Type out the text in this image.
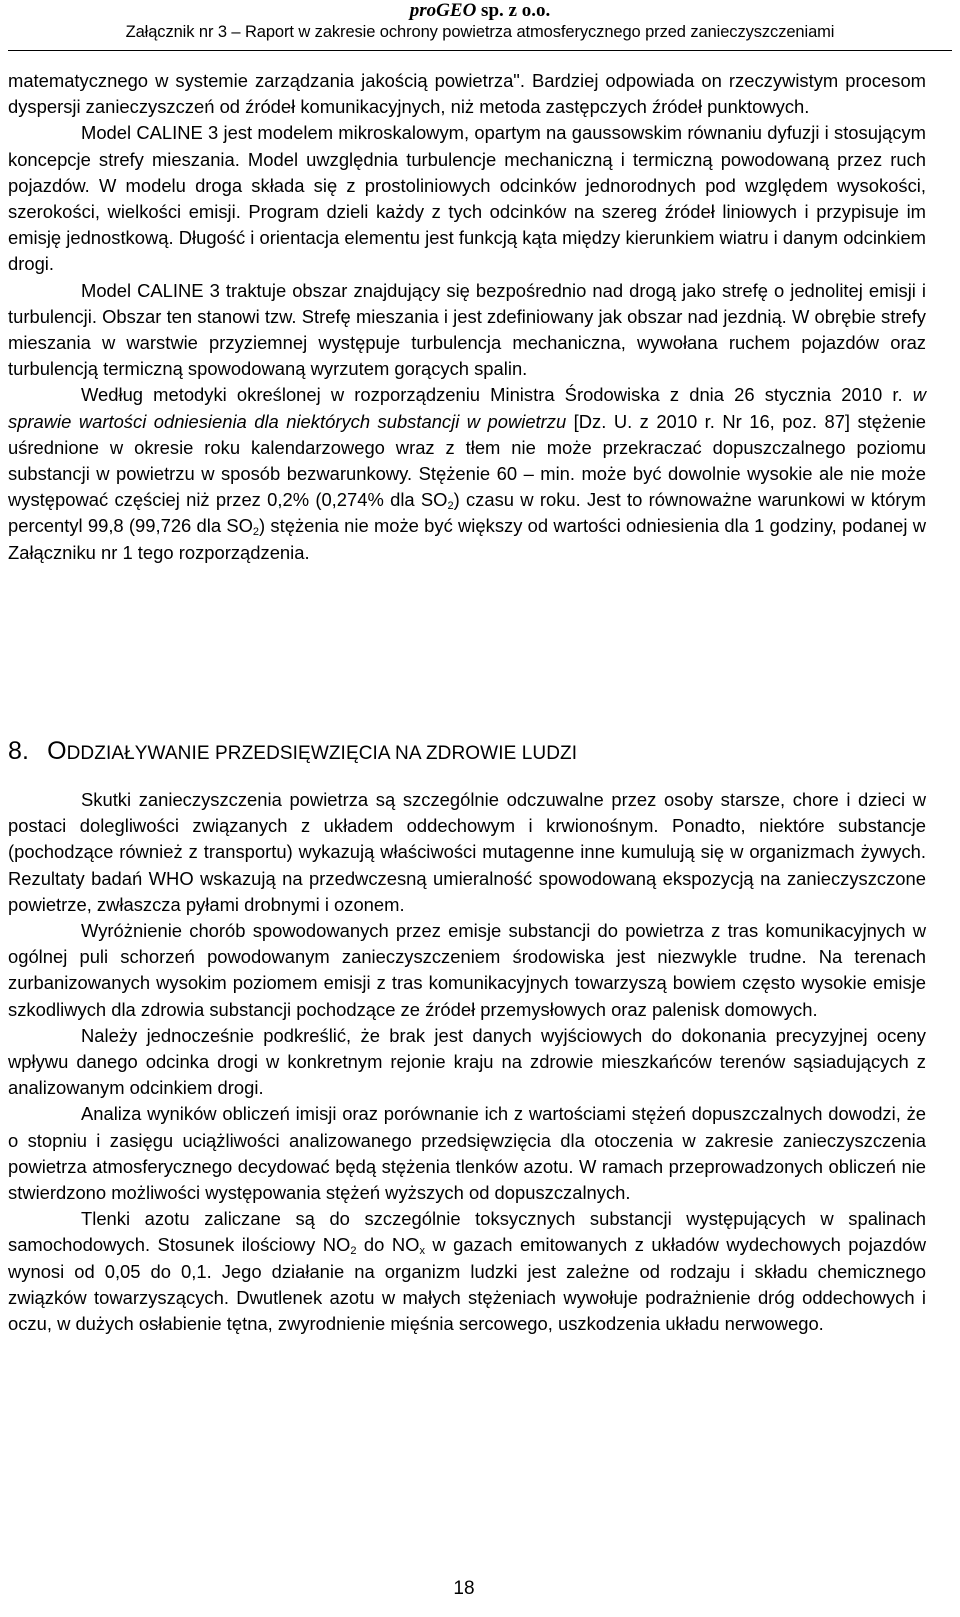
proGEO sp. z o.o.
Załącznik nr 3 – Raport w zakresie ochrony powietrza atmosferycznego przed zanieczyszczeniami

matematycznego w systemie zarządzania jakością powietrza". Bardziej odpowiada on rzeczywistym procesom dyspersji zanieczyszczeń od źródeł komunikacyjnych, niż metoda zastępczych źródeł punktowych.

Model CALINE 3 jest modelem mikroskalowym, opartym na gaussowskim równaniu dyfuzji i stosującym koncepcje strefy mieszania. Model uwzględnia turbulencje mechaniczną i termiczną powodowaną przez ruch pojazdów. W modelu droga składa się z prostoliniowych odcinków jednorodnych pod względem wysokości, szerokości, wielkości emisji. Program dzieli każdy z tych odcinków na szereg źródeł liniowych i przypisuje im emisję jednostkową. Długość i orientacja elementu jest funkcją kąta między kierunkiem wiatru i danym odcinkiem drogi.

Model CALINE 3 traktuje obszar znajdujący się bezpośrednio nad drogą jako strefę o jednolitej emisji i turbulencji. Obszar ten stanowi tzw. Strefę mieszania i jest zdefiniowany jak obszar nad jezdnią. W obrębie strefy mieszania w warstwie przyziemnej występuje turbulencja mechaniczna, wywołana ruchem pojazdów oraz turbulencją termiczną spowodowaną wyrzutem gorących spalin.

Według metodyki określonej w rozporządzeniu Ministra Środowiska z dnia 26 stycznia 2010 r. w sprawie wartości odniesienia dla niektórych substancji w powietrzu [Dz. U. z 2010 r. Nr 16, poz. 87] stężenie uśrednione w okresie roku kalendarzowego wraz z tłem nie może przekraczać dopuszczalnego poziomu substancji w powietrzu w sposób bezwarunkowy. Stężenie 60 – min. może być dowolnie wysokie ale nie może występować częściej niż przez 0,2% (0,274% dla $SO_2$) czasu w roku. Jest to równoważne warunkowi w którym percentyl 99,8 (99,726 dla $SO_2$) stężenia nie może być większy od wartości odniesienia dla 1 godziny, podanej w Załączniku nr 1 tego rozporządzenia.

8. ODDZIAŁYWANIE PRZEDSIĘWZIĘCIA NA ZDROWIE LUDZI

Skutki zanieczyszczenia powietrza są szczególnie odczuwalne przez osoby starsze, chore i dzieci w postaci dolegliwości związanych z układem oddechowym i krwionośnym. Ponadto, niektóre substancje (pochodzące również z transportu) wykazują właściwości mutagenne inne kumulują się w organizmach żywych. Rezultaty badań WHO wskazują na przedwczesną umieralność spowodowaną ekspozycją na zanieczyszczone powietrze, zwłaszcza pyłami drobnymi i ozonem.

Wyróżnienie chorób spowodowanych przez emisje substancji do powietrza z tras komunikacyjnych w ogólnej puli schorzeń powodowanym zanieczyszczeniem środowiska jest niezwykle trudne. Na terenach zurbanizowanych wysokim poziomem emisji z tras komunikacyjnych towarzyszą bowiem często wysokie emisje szkodliwych dla zdrowia substancji pochodzące ze źródeł przemysłowych oraz palenisk domowych.

Należy jednocześnie podkreślić, że brak jest danych wyjściowych do dokonania precyzyjnej oceny wpływu danego odcinka drogi w konkretnym rejonie kraju na zdrowie mieszkańców terenów sąsiadujących z analizowanym odcinkiem drogi.

Analiza wyników obliczeń imisji oraz porównanie ich z wartościami stężeń dopuszczalnych dowodzi, że o stopniu i zasięgu uciążliwości analizowanego przedsięwzięcia dla otoczenia w zakresie zanieczyszczenia powietrza atmosferycznego decydować będą stężenia tlenków azotu. W ramach przeprowadzonych obliczeń nie stwierdzono możliwości występowania stężeń wyższych od dopuszczalnych.

Tlenki azotu zaliczane są do szczególnie toksycznych substancji występujących w spalinach samochodowych. Stosunek ilościowy $NO_2$ do $NO_x$ w gazach emitowanych z układów wydechowych pojazdów wynosi od 0,05 do 0,1. Jego działanie na organizm ludzki jest zależne od rodzaju i składu chemicznego związków towarzyszących. Dwutlenek azotu w małych stężeniach wywołuje podrażnienie dróg oddechowych i oczu, w dużych osłabienie tętna, zwyrodnienie mięśnia sercowego, uszkodzenia układu nerwowego.

18
